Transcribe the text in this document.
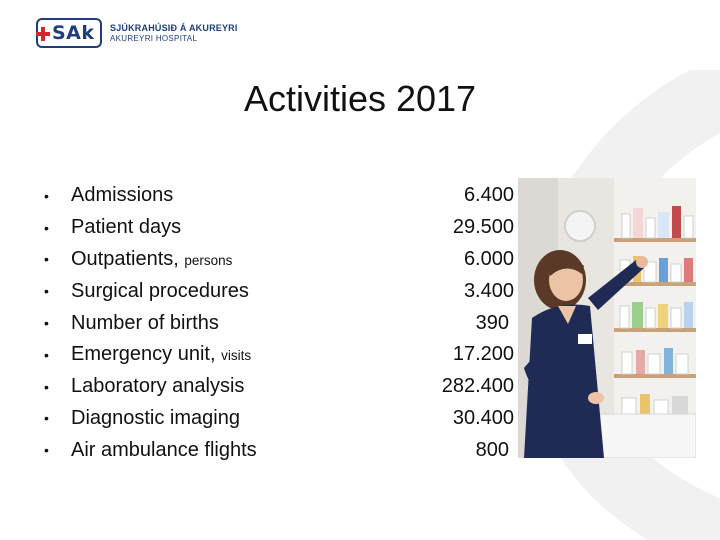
SAk SJÚKRAHÚSIÐ Á AKUREYRI
AKUREYRI HOSPITAL
Activities 2017
• Admissions	6.400
• Patient days	29.500
• Outpatients, persons	6.000
• Surgical procedures	3.400
• Number of births	390
• Emergency unit, visits	17.200
• Laboratory analysis	282.400
• Diagnostic imaging	30.400
• Air ambulance flights	800
